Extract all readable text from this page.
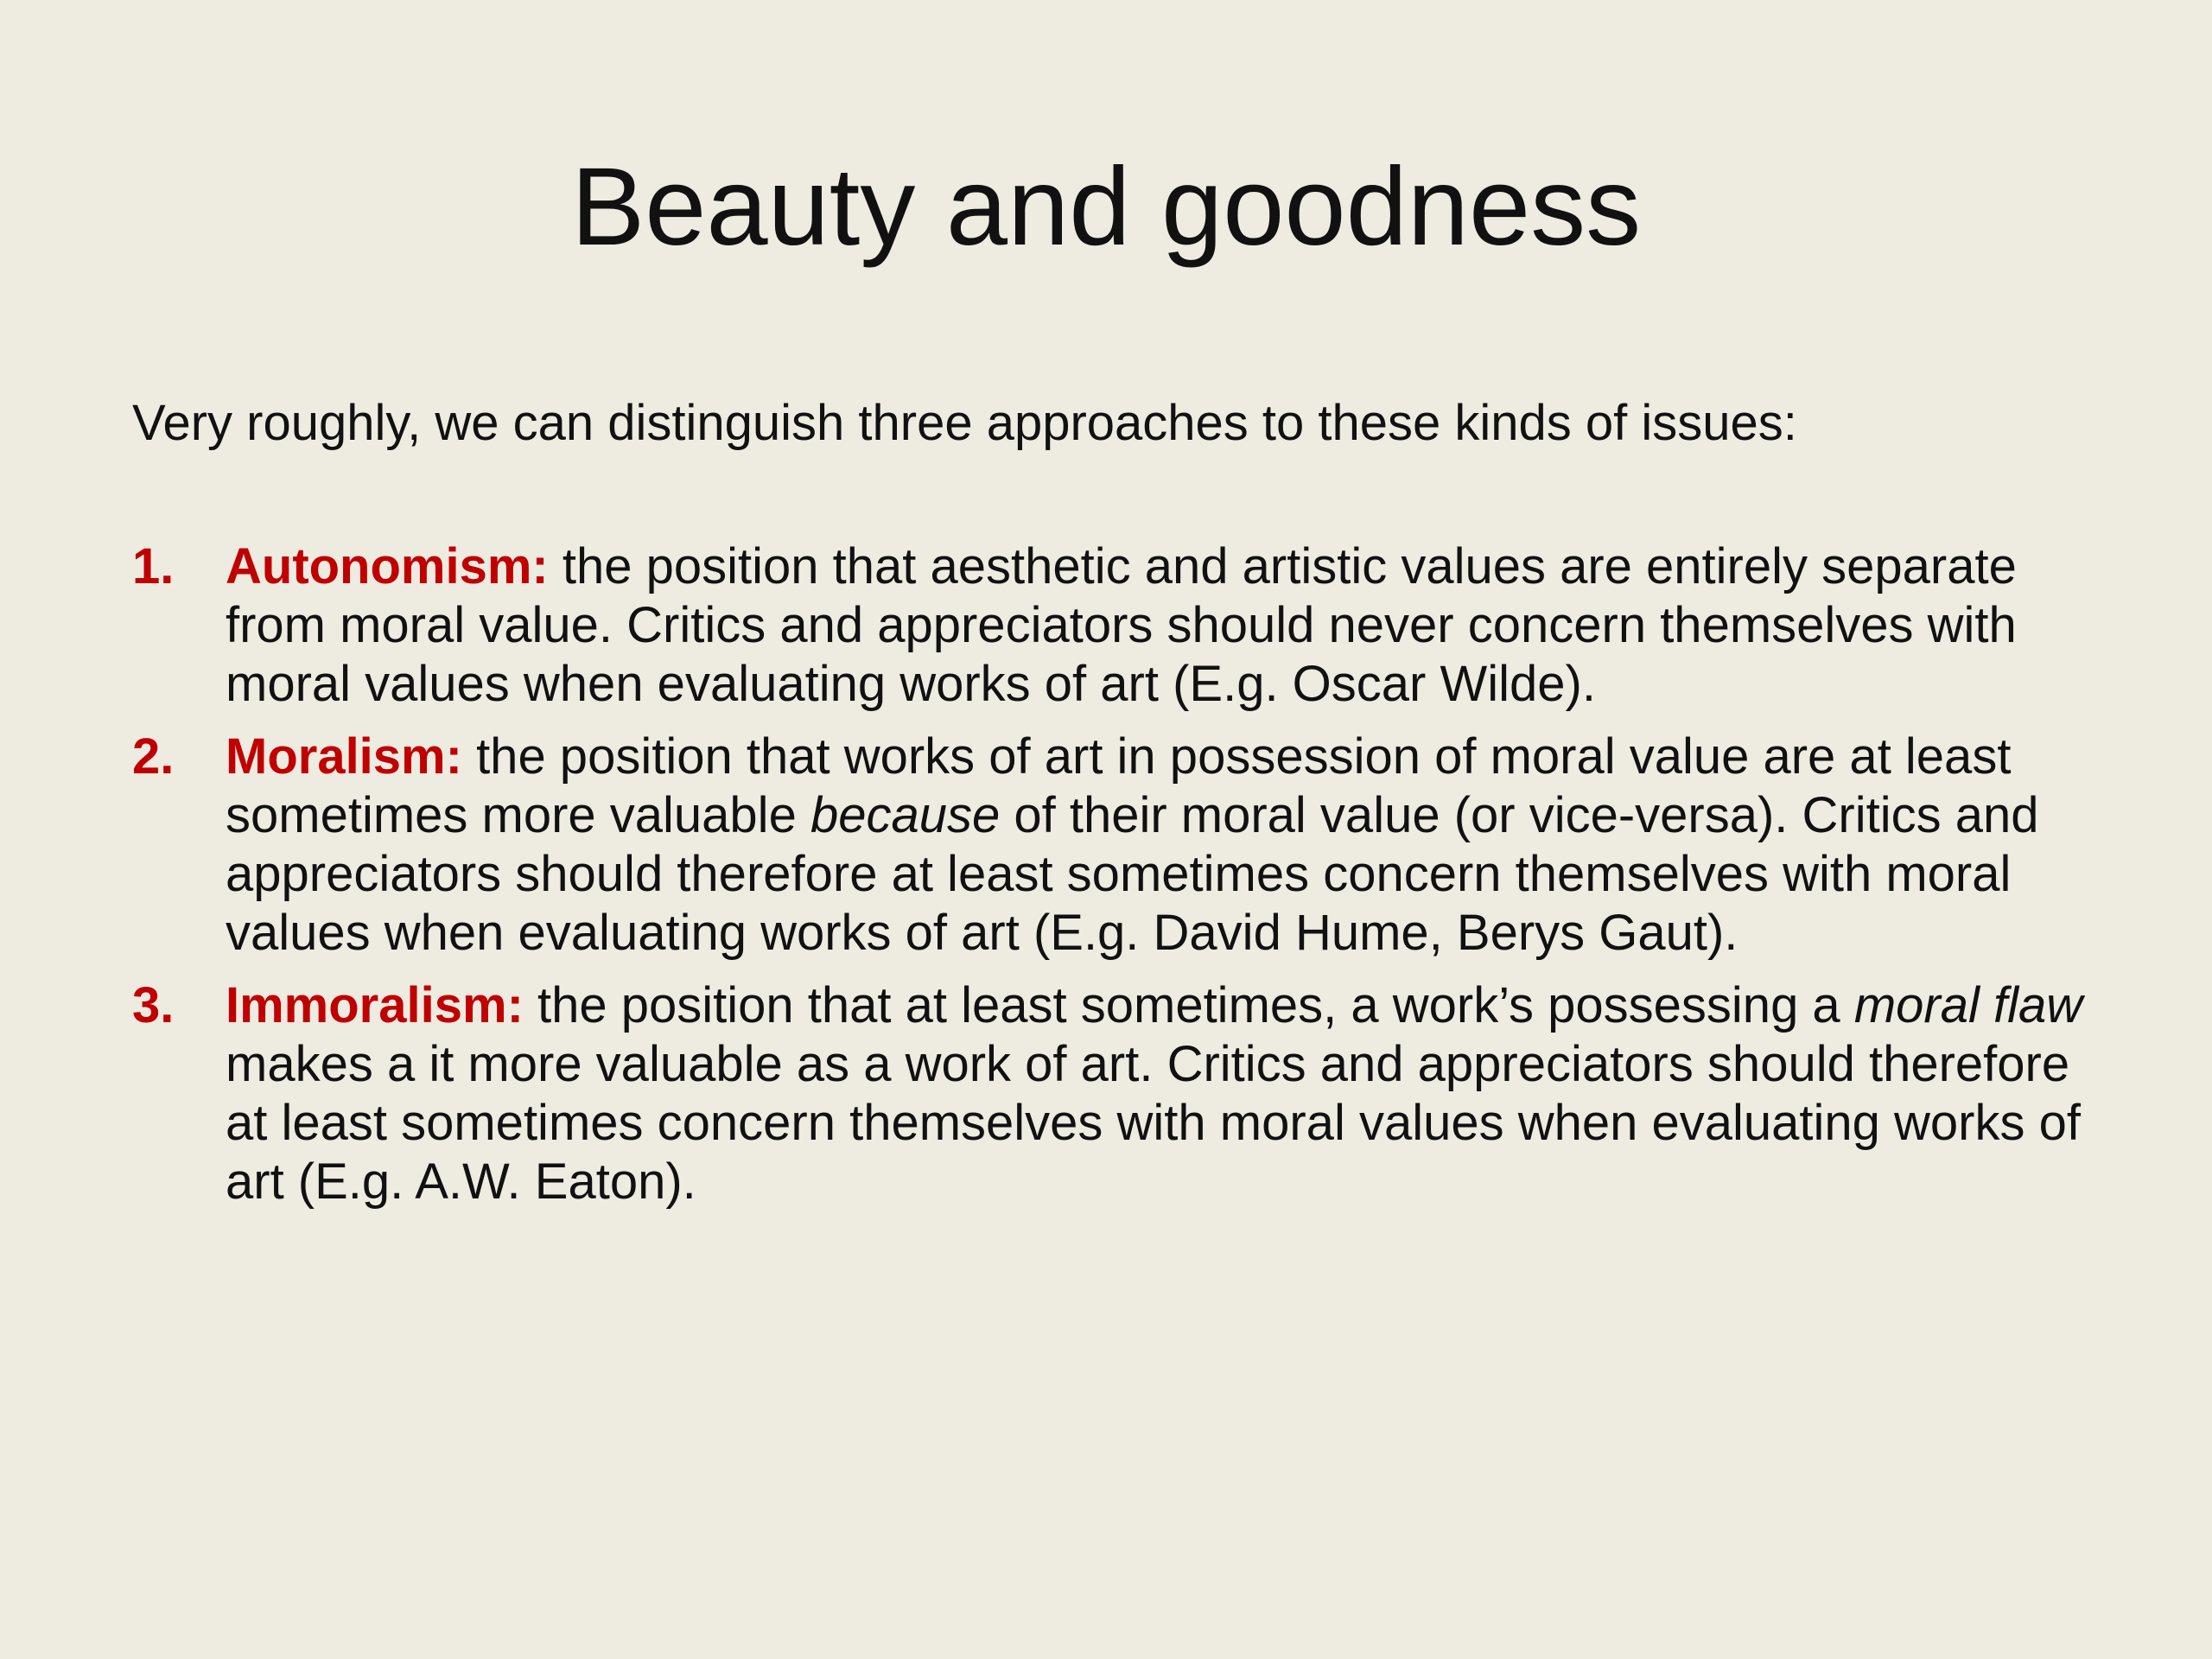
Beauty and goodness

Very roughly, we can distinguish three approaches to these kinds of issues:

1. Autonomism: the position that aesthetic and artistic values are entirely separate from moral value. Critics and appreciators should never concern themselves with moral values when evaluating works of art (E.g. Oscar Wilde).
2. Moralism: the position that works of art in possession of moral value are at least sometimes more valuable because of their moral value (or vice-versa). Critics and appreciators should therefore at least sometimes concern themselves with moral values when evaluating works of art (E.g. David Hume, Berys Gaut).
3. Immoralism: the position that at least sometimes, a work’s possessing a moral flaw makes a it more valuable as a work of art. Critics and appreciators should therefore at least sometimes concern themselves with moral values when evaluating works of art (E.g. A.W. Eaton).
